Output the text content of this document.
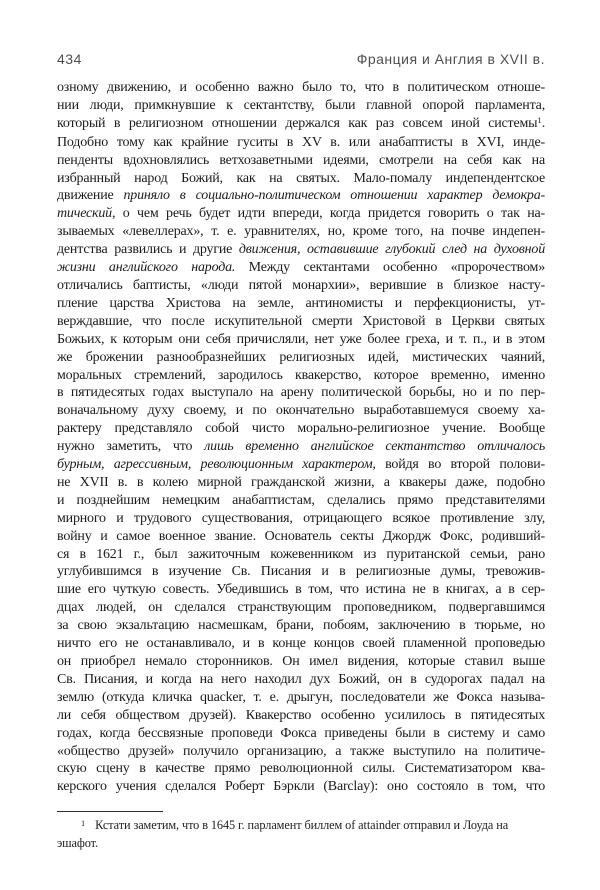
434	Франция и Англия в XVII в.
озному движению, и особенно важно было то, что в политическом отноше-
нии люди, примкнувшие к сектантству, были главной опорой парламента,
который в религиозном отношении держался как раз совсем иной системы$^1$.
Подобно тому как крайние гуситы в XV в. или анабаптисты в XVI, инде-
пенденты вдохновлялись ветхозаветными идеями, смотрели на себя как на
избранный народ Божий, как на святых. Мало-помалу индепендентское
движение приняло в социально-политическом отношении характер демокра-
тический, о чем речь будет идти впереди, когда придется говорить о так на-
зываемых «левеллерах», т. е. уравнителях, но, кроме того, на почве индепен-
дентства развились и другие движения, оставившие глубокий след на духовной
жизни английского народа. Между сектантами особенно «пророчеством»
отличались баптисты, «люди пятой монархии», верившие в близкое насту-
пление царства Христова на земле, антиномисты и перфекционисты, ут-
верждавшие, что после искупительной смерти Христовой в Церкви святых
Божьих, к которым они себя причисляли, нет уже более греха, и т. п., и в этом
же брожении разнообразнейших религиозных идей, мистических чаяний,
моральных стремлений, зародилось квакерство, которое временно, именно
в пятидесятых годах выступало на арену политической борьбы, но и по пер-
воначальному духу своему, и по окончательно выработавшемуся своему ха-
рактеру представляло собой чисто морально-религиозное учение. Вообще
нужно заметить, что лишь временно английское сектантство отличалось
бурным, агрессивным, революционным характером, войдя во второй полови-
не XVII в. в колею мирной гражданской жизни, а квакеры даже, подобно
и позднейшим немецким анабаптистам, сделались прямо представителями
мирного и трудового существования, отрицающего всякое противление злу,
войну и самое военное звание. Основатель секты Джордж Фокс, родивший-
ся в 1621 г., был зажиточным кожевенником из пуританской семьи, рано
углубившимся в изучение Св. Писания и в религиозные думы, тревожив-
шие его чуткую совесть. Убедившись в том, что истина не в книгах, а в сер-
дцах людей, он сделался странствующим проповедником, подвергавшимся
за свою экзальтацию насмешкам, брани, побоям, заключению в тюрьме, но
ничто его не останавливало, и в конце концов своей пламенной проповедью
он приобрел немало сторонников. Он имел видения, которые ставил выше
Св. Писания, и когда на него находил дух Божий, он в судорогах падал на
землю (откуда кличка quacker, т. е. дрыгун, последователи же Фокса называ-
ли себя обществом друзей). Квакерство особенно усилилось в пятидесятых
годах, когда бессвязные проповеди Фокса приведены были в систему и само
«общество друзей» получило организацию, а также выступило на политиче-
скую сцену в качестве прямо революционной силы. Систематизатором ква-
керского учения сделался Роберт Бэркли (Barclay): оно состояло в том, что
1 Кстати заметим, что в 1645 г. парламент биллем of attainder отправил и Лоуда на эшафот.
